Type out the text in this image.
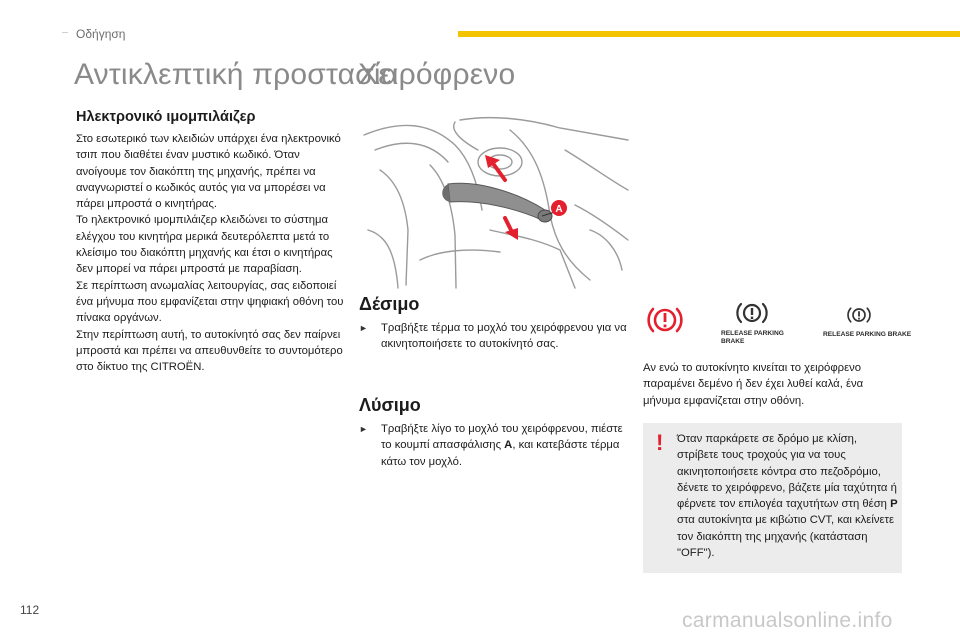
Οδήγηση
Αντικλεπτική προστασία
Χειρόφρενο
Ηλεκτρονικό ιμομπιλάιζερ

Στο εσωτερικό των κλειδιών υπάρχει ένα ηλεκτρονικό τσιπ που διαθέτει έναν μυστικό κωδικό. Όταν ανοίγουμε τον διακόπτη της μηχανής, πρέπει να αναγνωριστεί ο κωδικός αυτός για να μπορέσει να πάρει μπροστά ο κινητήρας.

Το ηλεκτρονικό ιμομπιλάιζερ κλειδώνει το σύστημα ελέγχου του κινητήρα μερικά δευτερόλεπτα μετά το κλείσιμο του διακόπτη μηχανής και έτσι ο κινητήρας δεν μπορεί να πάρει μπροστά με παραβίαση.

Σε περίπτωση ανωμαλίας λειτουργίας, σας ειδοποιεί ένα μήνυμα που εμφανίζεται στην ψηφιακή οθόνη του πίνακα οργάνων.

Στην περίπτωση αυτή, το αυτοκίνητό σας δεν παίρνει μπροστά και πρέπει να απευθυνθείτε το συντομότερο στο δίκτυο της CITROËN.

A
Δέσιμο
► Τραβήξτε τέρμα το μοχλό του χειρόφρενου για να ακινητοποιήσετε το αυτοκίνητό σας.
Λύσιμο
► Τραβήξτε λίγο το μοχλό του χειρόφρενου, πιέστε το κουμπί απασφάλισης A, και κατεβάστε τέρμα κάτω τον μοχλό.
RELEASE PARKING
BRAKE
RELEASE PARKING BRAKE
Αν ενώ το αυτοκίνητο κινείται το χειρόφρενο παραμένει δεμένο ή δεν έχει λυθεί καλά, ένα μήνυμα εμφανίζεται στην οθόνη.
! Όταν παρκάρετε σε δρόμο με κλίση, στρίβετε τους τροχούς για να τους ακινητοποιήσετε κόντρα στο πεζοδρόμιο, δένετε το χειρόφρενο, βάζετε μία ταχύτητα ή φέρνετε τον επιλογέα ταχυτήτων στη θέση P στα αυτοκίνητα με κιβώτιο CVT, και κλείνετε τον διακόπτη της μηχανής (κατάσταση "OFF").
112	carmanualsonline.info
